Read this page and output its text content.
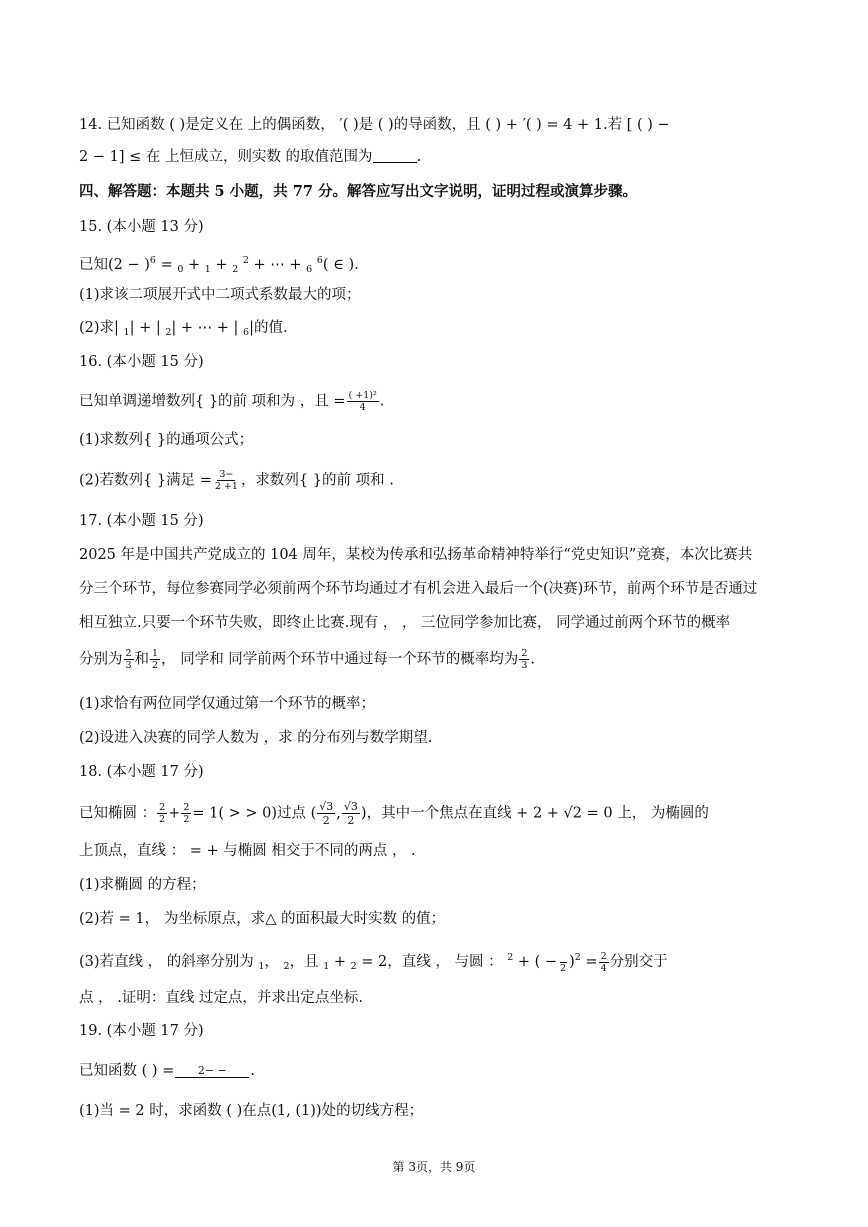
14. 已知函数 ( )是定义在 上的偶函数， ′( )是 ( )的导函数，且 ( ) + ′( ) = 4 + 1.若 [ ( ) −
2 − 1] ≤ 在 上恒成立，则实数 的取值范围为	.
四、解答题：本题共 5 小题，共 77 分。解答应写出文字说明，证明过程或演算步骤。
15. (本小题 13 分)
已知$(2 - )^6 = _0 + _1 + _2$ $^2$ + ⋯ + $_6$ $^6$( ∈ ).
(1)求该二项展开式中二项式系数最大的项；
(2)求| $_1$| + | $_2$| + ⋯ + | $_6$|的值.
16. (本小题 15 分)
已知单调递增数列{ }的前 项和为 ，且 = $\frac{\text{( +1)²}}{4}$ .
(1)求数列{ }的通项公式；
(2)若数列{ }满足 = $\frac{3-}{2 +1}$ ，求数列{ }的前 项和 .
17. (本小题 15 分)
2025 年是中国共产党成立的 104 周年，某校为传承和弘扬革命精神特举行“党史知识”竞赛，本次比赛共
分三个环节，每位参赛同学必须前两个环节均通过才有机会进入最后一个(决赛)环节，前两个环节是否通过
相互独立.只要一个环节失败，即终止比赛.现有 ， ， 三位同学参加比赛， 同学通过前两个环节的概率
分别为 $\frac{2}{3}$ 和 $\frac{1}{2}$ ， 同学和 同学前两个环节中通过每一个环节的概率均为 $\frac{2}{3}$ .
(1)求恰有两位同学仅通过第一个环节的概率；
(2)设进入决赛的同学人数为 ，求 的分布列与数学期望.
18. (本小题 17 分)
已知椭圆 ： $\frac{2}{2} + \frac{2}{2} = 1$( > > 0)过点 ( $\frac{√3}{2}$ , $\frac{√3}{2}$ )，其中一个焦点在直线 + 2 + √2 = 0 上， 为椭圆的
上顶点，直线 ： = + 与椭圆 相交于不同的两点 ， .
(1)求椭圆 的方程；
(2)若 = 1， 为坐标原点，求△ 的面积最大时实数 的值；
(3)若直线 ， 的斜率分别为 $_1$， $_2$，且 $_1$ + $_2$ = 2，直线 ， 与圆 ： $^2$ + ( −
2 )$^2 = \frac{2}{4}$ 分别交于
点 ， .证明：直线 过定点，并求出定点坐标.
19. (本小题 17 分)
已知函数 ( ) =	2− −	.
(1)当 = 2 时，求函数 ( )在点(1, (1))处的切线方程；
第 3页，共 9页
